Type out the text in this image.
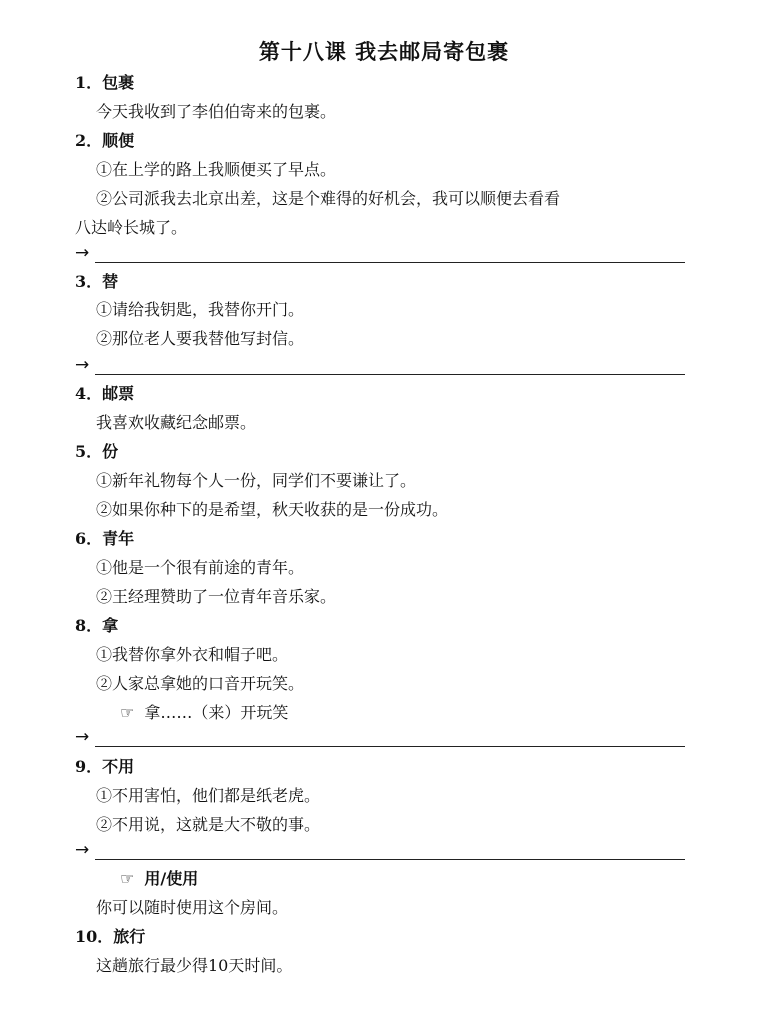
第十八课 我去邮局寄包裹
1．包裹
今天我收到了李伯伯寄来的包裹。
2．顺便
①在上学的路上我顺便买了早点。
②公司派我去北京出差，这是个难得的好机会，我可以顺便去看看
八达岭长城了。
→
3．替
①请给我钥匙，我替你开门。
②那位老人要我替他写封信。
→
4．邮票
我喜欢收藏纪念邮票。
5．份
①新年礼物每个人一份，同学们不要谦让了。
②如果你种下的是希望，秋天收获的是一份成功。
6．青年
①他是一个很有前途的青年。
②王经理赞助了一位青年音乐家。
8．拿
①我替你拿外衣和帽子吧。
②人家总拿她的口音开玩笑。
☞ 拿……（来）开玩笑
→
9．不用
①不用害怕，他们都是纸老虎。
②不用说，这就是大不敬的事。
→
☞ 用/使用
你可以随时使用这个房间。
10．旅行
这趟旅行最少得10天时间。
